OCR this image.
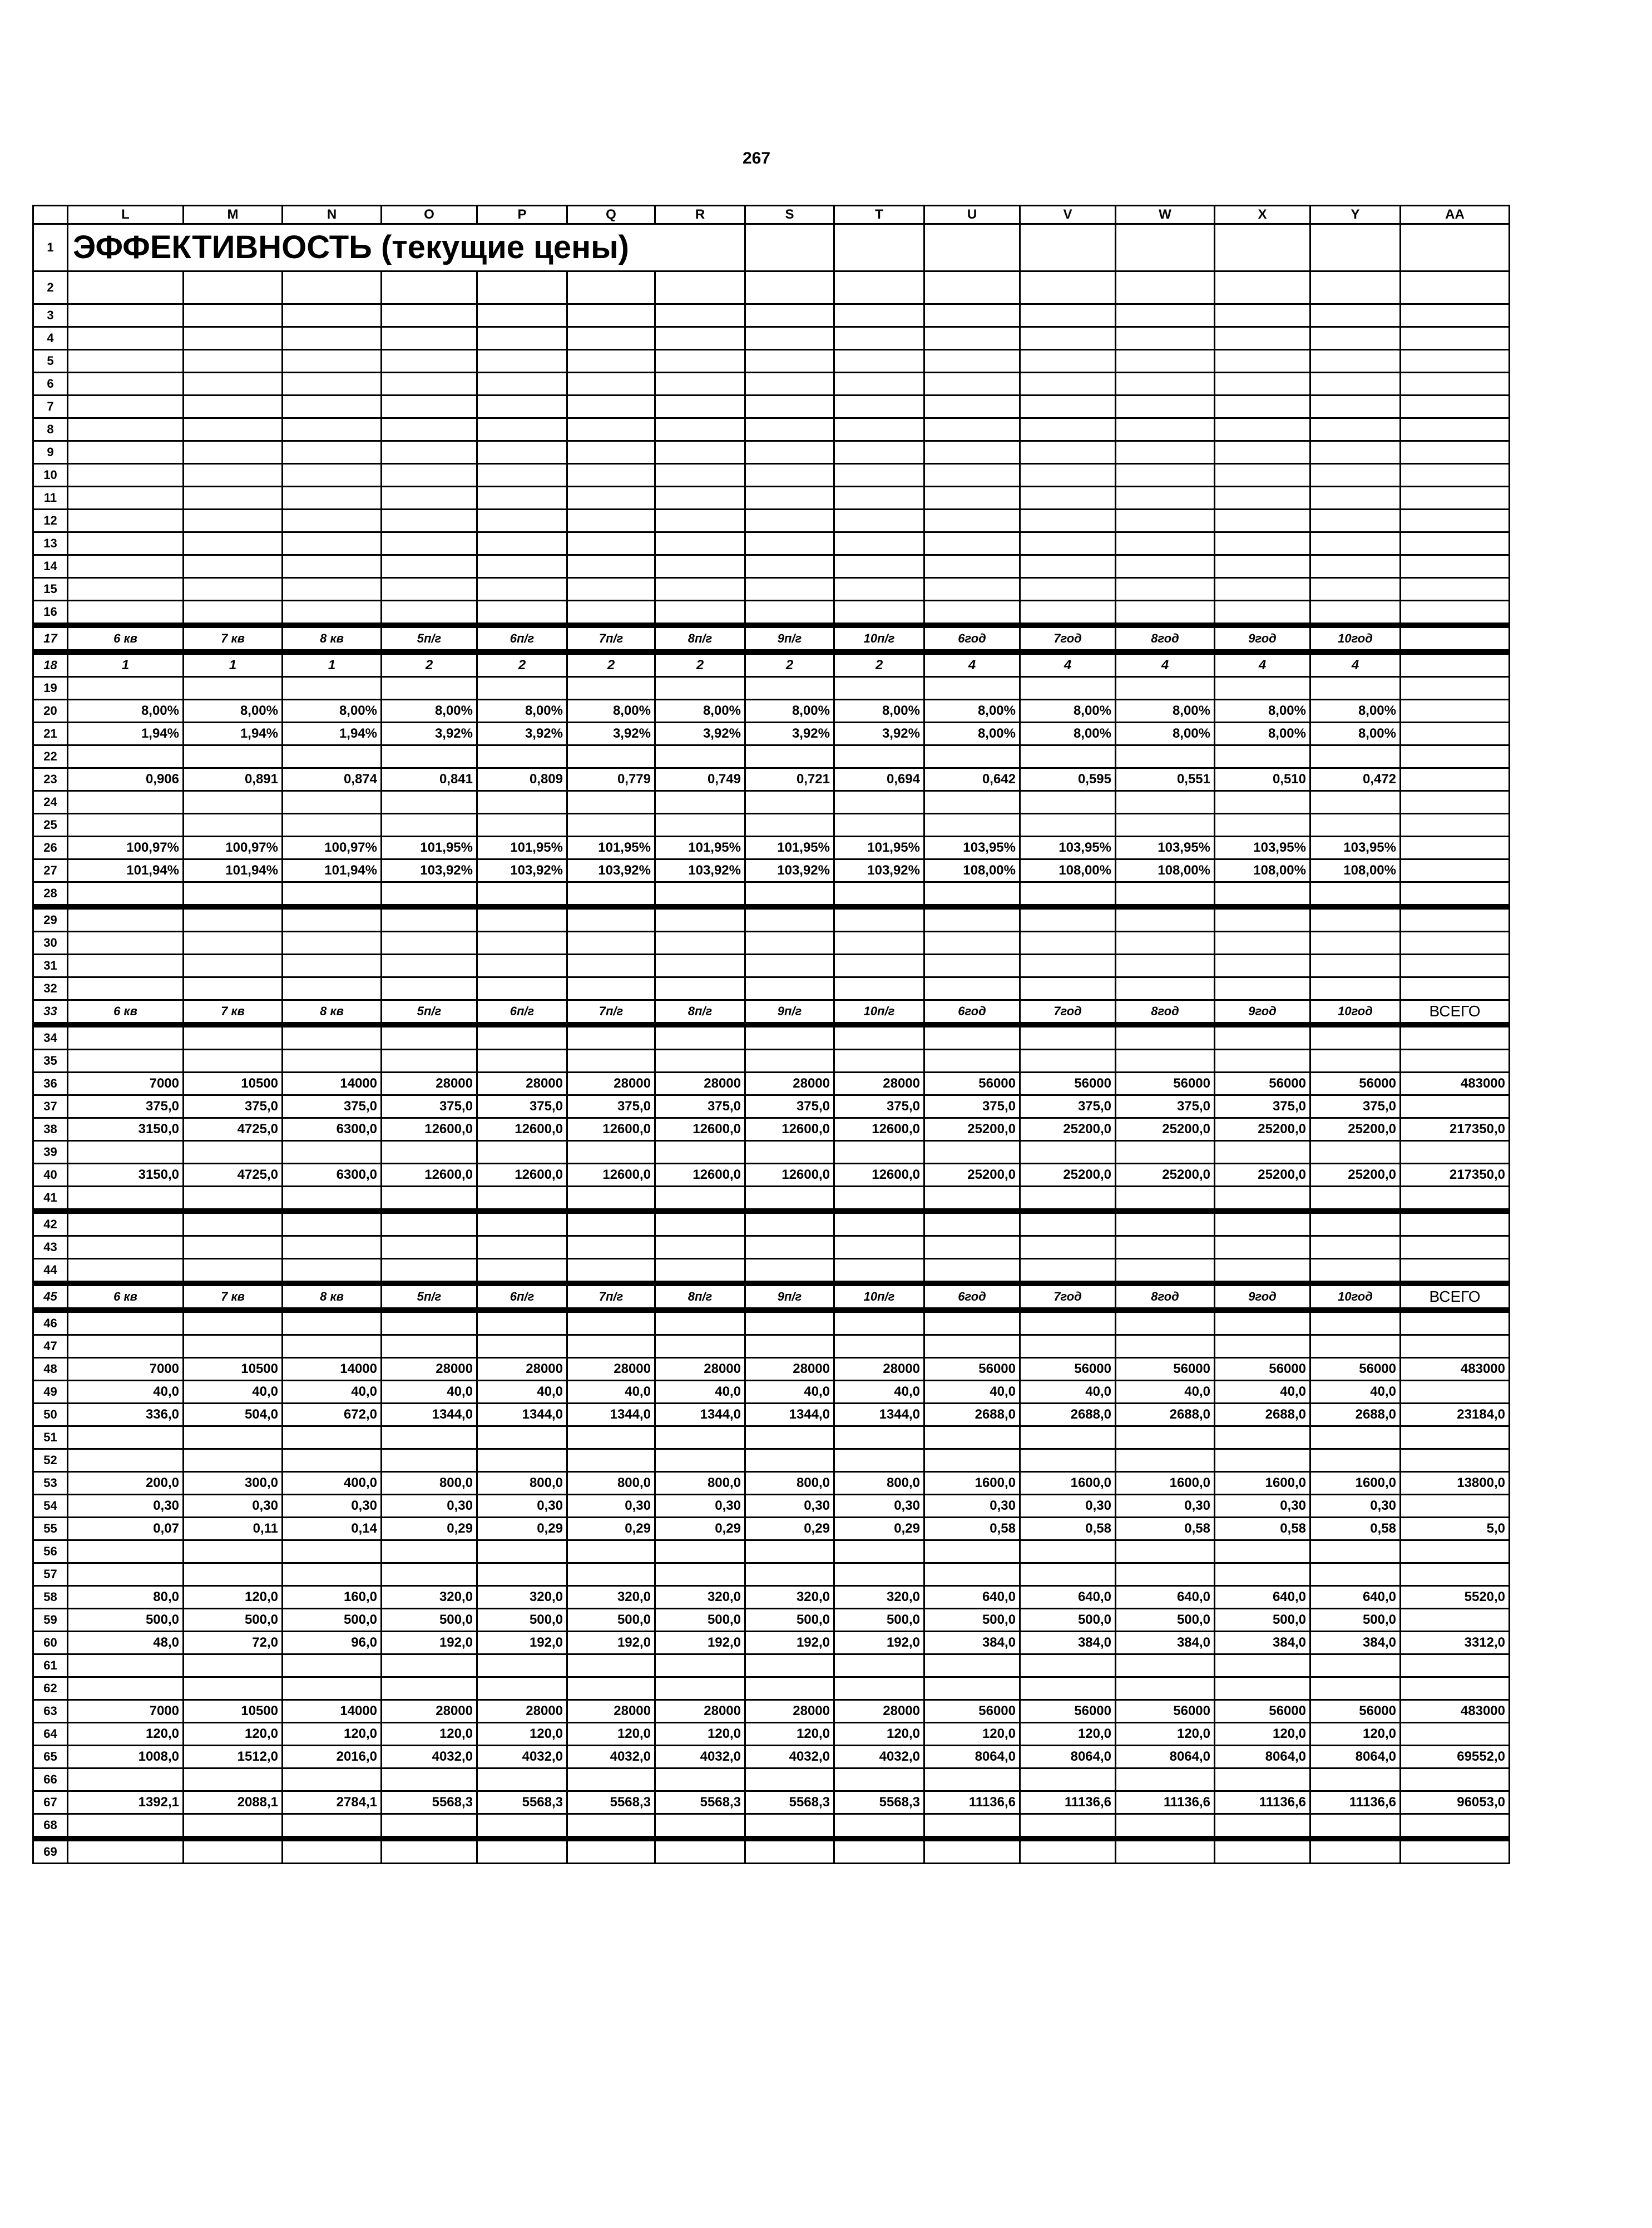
267
	L	M	N	O	P	Q	R	S	T	U	V	W	X	Y	AA
1	ЭФФЕКТИВНОСТЬ (текущие цены)														
2															
3															
4															
5															
6															
7															
8															
9															
10															
11															
12															
13															
14															
15															
16															
17	6 кв	7 кв	8 кв	5п/г	6п/г	7п/г	8п/г	9п/г	10п/г	6год	7год	8год	9год	10год	
18	1	1	1	2	2	2	2	2	2	4	4	4	4	4	
19															
20	8,00%	8,00%	8,00%	8,00%	8,00%	8,00%	8,00%	8,00%	8,00%	8,00%	8,00%	8,00%	8,00%	8,00%	
21	1,94%	1,94%	1,94%	3,92%	3,92%	3,92%	3,92%	3,92%	3,92%	8,00%	8,00%	8,00%	8,00%	8,00%	
22															
23	0,906	0,891	0,874	0,841	0,809	0,779	0,749	0,721	0,694	0,642	0,595	0,551	0,510	0,472	
24															
25															
26	100,97%	100,97%	100,97%	101,95%	101,95%	101,95%	101,95%	101,95%	101,95%	103,95%	103,95%	103,95%	103,95%	103,95%	
27	101,94%	101,94%	101,94%	103,92%	103,92%	103,92%	103,92%	103,92%	103,92%	108,00%	108,00%	108,00%	108,00%	108,00%	
28															
29															
30															
31															
32															
33	6 кв	7 кв	8 кв	5п/г	6п/г	7п/г	8п/г	9п/г	10п/г	6год	7год	8год	9год	10год	ВСЕГО
34															
35															
36	7000	10500	14000	28000	28000	28000	28000	28000	28000	56000	56000	56000	56000	56000	483000
37	375,0	375,0	375,0	375,0	375,0	375,0	375,0	375,0	375,0	375,0	375,0	375,0	375,0	375,0	
38	3150,0	4725,0	6300,0	12600,0	12600,0	12600,0	12600,0	12600,0	12600,0	25200,0	25200,0	25200,0	25200,0	25200,0	217350,0
39															
40	3150,0	4725,0	6300,0	12600,0	12600,0	12600,0	12600,0	12600,0	12600,0	25200,0	25200,0	25200,0	25200,0	25200,0	217350,0
41															
42															
43															
44															
45	6 кв	7 кв	8 кв	5п/г	6п/г	7п/г	8п/г	9п/г	10п/г	6год	7год	8год	9год	10год	ВСЕГО
46															
47															
48	7000	10500	14000	28000	28000	28000	28000	28000	28000	56000	56000	56000	56000	56000	483000
49	40,0	40,0	40,0	40,0	40,0	40,0	40,0	40,0	40,0	40,0	40,0	40,0	40,0	40,0	
50	336,0	504,0	672,0	1344,0	1344,0	1344,0	1344,0	1344,0	1344,0	2688,0	2688,0	2688,0	2688,0	2688,0	23184,0
51															
52															
53	200,0	300,0	400,0	800,0	800,0	800,0	800,0	800,0	800,0	1600,0	1600,0	1600,0	1600,0	1600,0	13800,0
54	0,30	0,30	0,30	0,30	0,30	0,30	0,30	0,30	0,30	0,30	0,30	0,30	0,30	0,30	
55	0,07	0,11	0,14	0,29	0,29	0,29	0,29	0,29	0,29	0,58	0,58	0,58	0,58	0,58	5,0
56															
57															
58	80,0	120,0	160,0	320,0	320,0	320,0	320,0	320,0	320,0	640,0	640,0	640,0	640,0	640,0	5520,0
59	500,0	500,0	500,0	500,0	500,0	500,0	500,0	500,0	500,0	500,0	500,0	500,0	500,0	500,0	
60	48,0	72,0	96,0	192,0	192,0	192,0	192,0	192,0	192,0	384,0	384,0	384,0	384,0	384,0	3312,0
61															
62															
63	7000	10500	14000	28000	28000	28000	28000	28000	28000	56000	56000	56000	56000	56000	483000
64	120,0	120,0	120,0	120,0	120,0	120,0	120,0	120,0	120,0	120,0	120,0	120,0	120,0	120,0	
65	1008,0	1512,0	2016,0	4032,0	4032,0	4032,0	4032,0	4032,0	4032,0	8064,0	8064,0	8064,0	8064,0	8064,0	69552,0
66															
67	1392,1	2088,1	2784,1	5568,3	5568,3	5568,3	5568,3	5568,3	5568,3	11136,6	11136,6	11136,6	11136,6	11136,6	96053,0
68															
69															
